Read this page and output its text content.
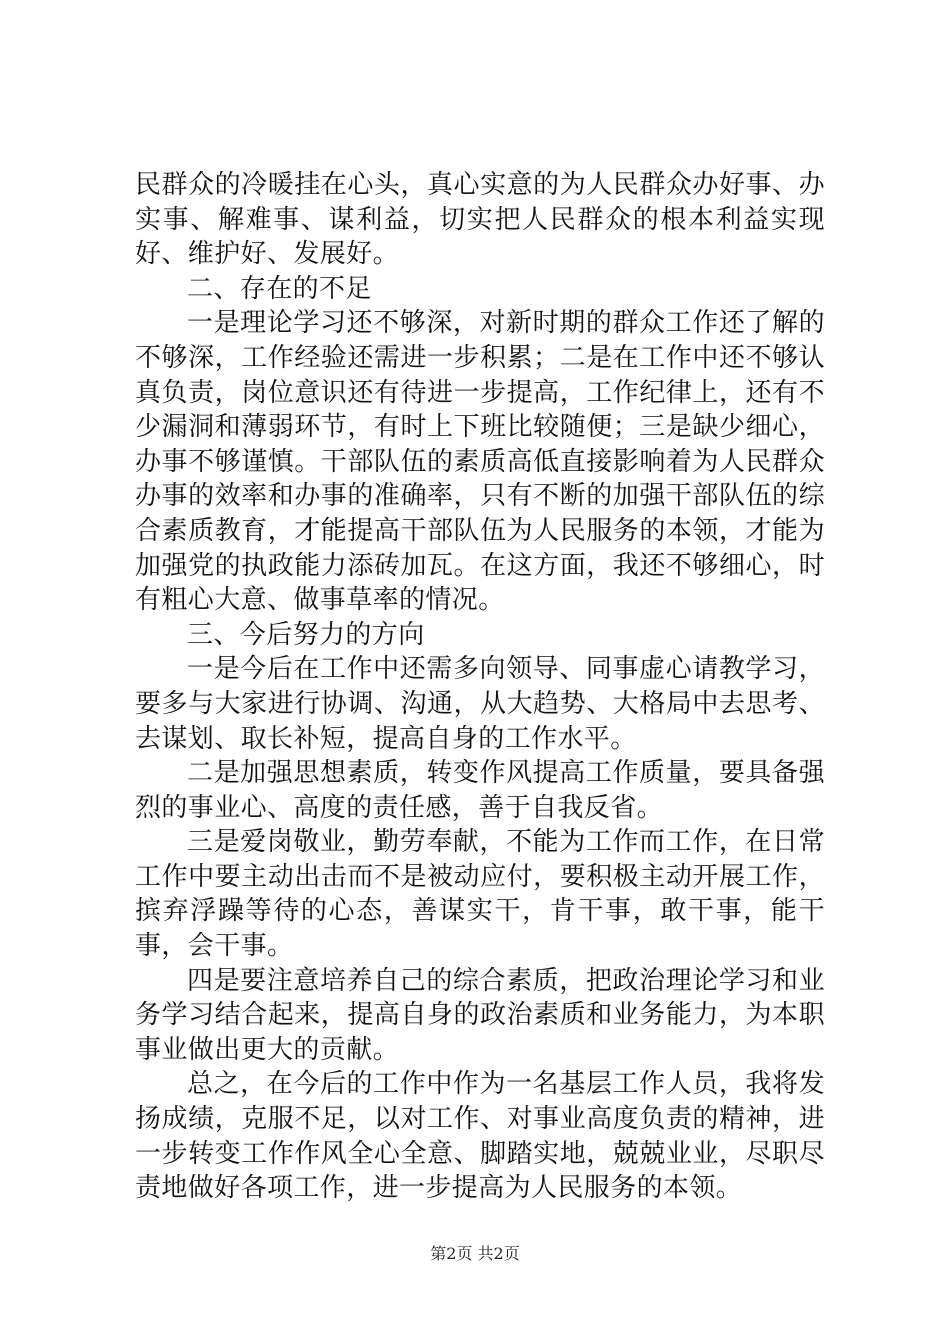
民群众的冷暖挂在心头，真心实意的为人民群众办好事、办实事、解难事、谋利益，切实把人民群众的根本利益实现好、维护好、发展好。

二、存在的不足

一是理论学习还不够深，对新时期的群众工作还了解的不够深，工作经验还需进一步积累；二是在工作中还不够认真负责，岗位意识还有待进一步提高，工作纪律上，还有不少漏洞和薄弱环节，有时上下班比较随便；三是缺少细心，办事不够谨慎。干部队伍的素质高低直接影响着为人民群众办事的效率和办事的准确率，只有不断的加强干部队伍的综合素质教育，才能提高干部队伍为人民服务的本领，才能为加强党的执政能力添砖加瓦。在这方面，我还不够细心，时有粗心大意、做事草率的情况。

三、今后努力的方向

一是今后在工作中还需多向领导、同事虚心请教学习，要多与大家进行协调、沟通，从大趋势、大格局中去思考、去谋划、取长补短，提高自身的工作水平。

二是加强思想素质，转变作风提高工作质量，要具备强烈的事业心、高度的责任感，善于自我反省。

三是爱岗敬业，勤劳奉献，不能为工作而工作，在日常工作中要主动出击而不是被动应付，要积极主动开展工作，摈弃浮躁等待的心态，善谋实干，肯干事，敢干事，能干事，会干事。

四是要注意培养自己的综合素质，把政治理论学习和业务学习结合起来，提高自身的政治素质和业务能力，为本职事业做出更大的贡献。

总之，在今后的工作中作为一名基层工作人员，我将发扬成绩，克服不足，以对工作、对事业高度负责的精神，进一步转变工作作风全心全意、脚踏实地，兢兢业业，尽职尽责地做好各项工作，进一步提高为人民服务的本领。

第2页 共2页
